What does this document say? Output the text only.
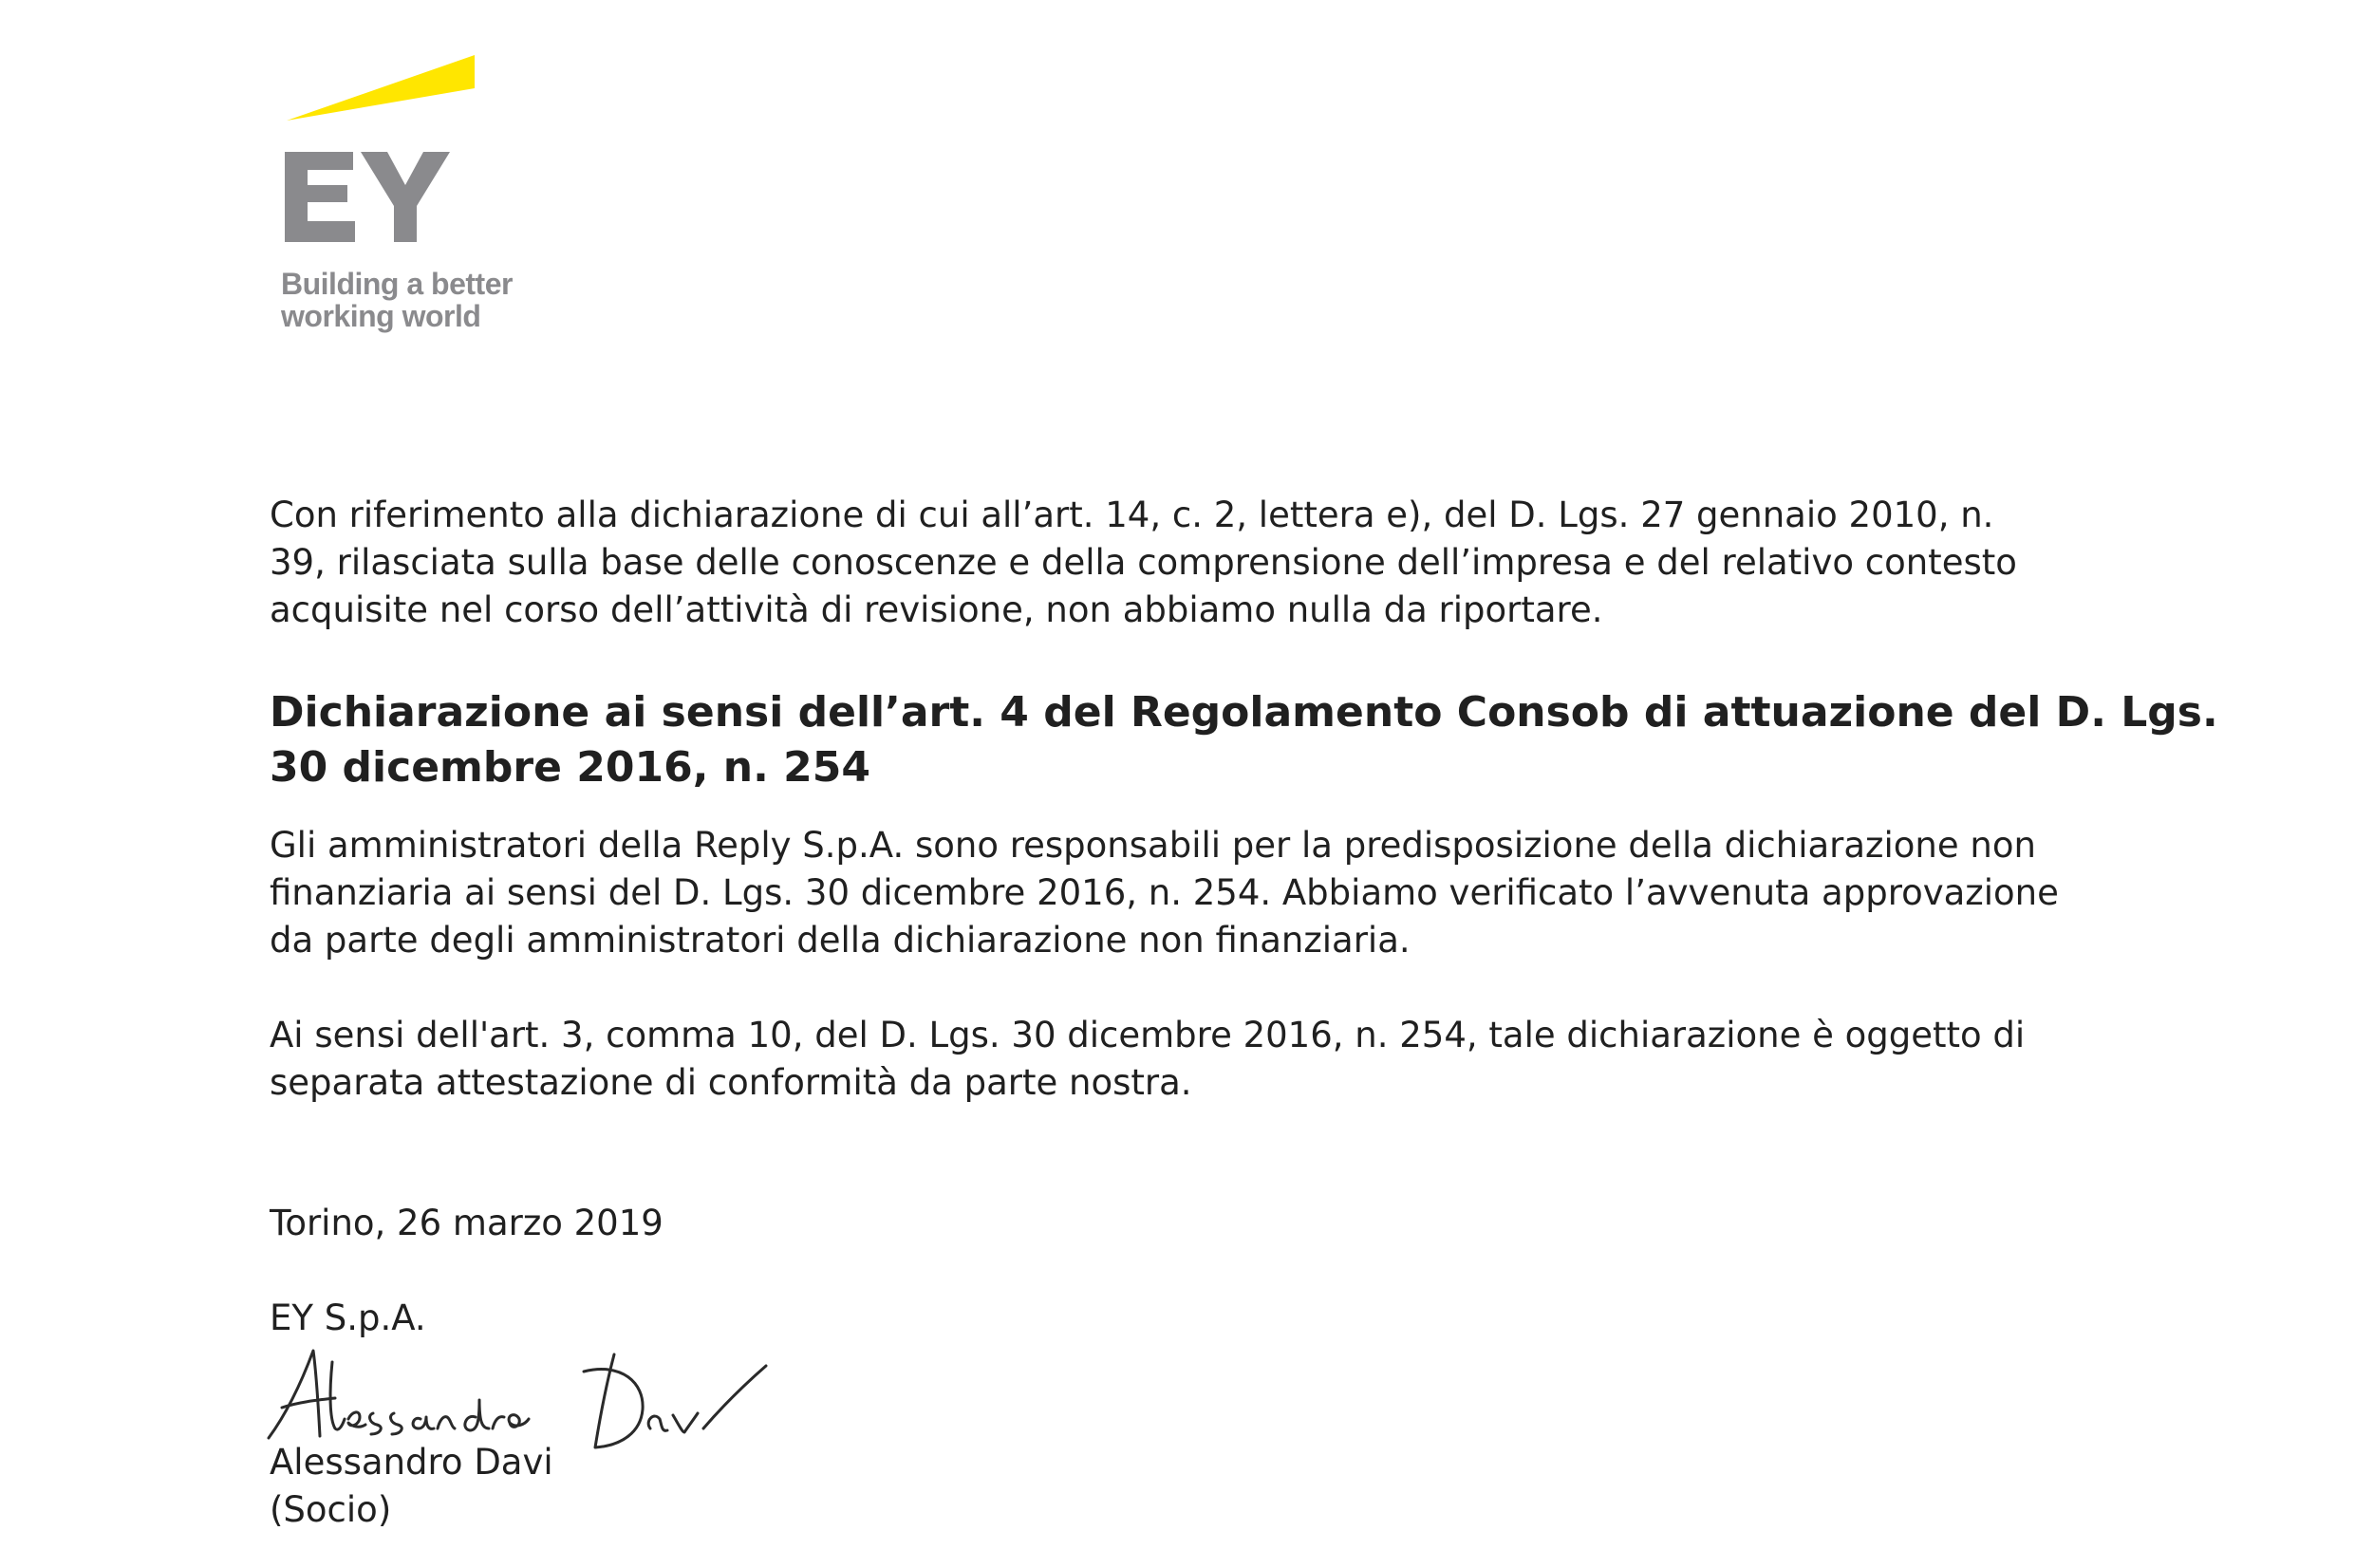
Building a better
working world

Con riferimento alla dichiarazione di cui all’art. 14, c. 2, lettera e), del D. Lgs. 27 gennaio 2010, n.
39, rilasciata sulla base delle conoscenze e della comprensione dell’impresa e del relativo contesto
acquisite nel corso dell’attività di revisione, non abbiamo nulla da riportare.

Dichiarazione ai sensi dell’art. 4 del Regolamento Consob di attuazione del D. Lgs.
30 dicembre 2016, n. 254

Gli amministratori della Reply S.p.A. sono responsabili per la predisposizione della dichiarazione non
finanziaria ai sensi del D. Lgs. 30 dicembre 2016, n. 254. Abbiamo verificato l’avvenuta approvazione
da parte degli amministratori della dichiarazione non finanziaria.

Ai sensi dell'art. 3, comma 10, del D. Lgs. 30 dicembre 2016, n. 254, tale dichiarazione è oggetto di
separata attestazione di conformità da parte nostra.

Torino, 26 marzo 2019
EY S.p.A.
Alessandro Davi
(Socio)
